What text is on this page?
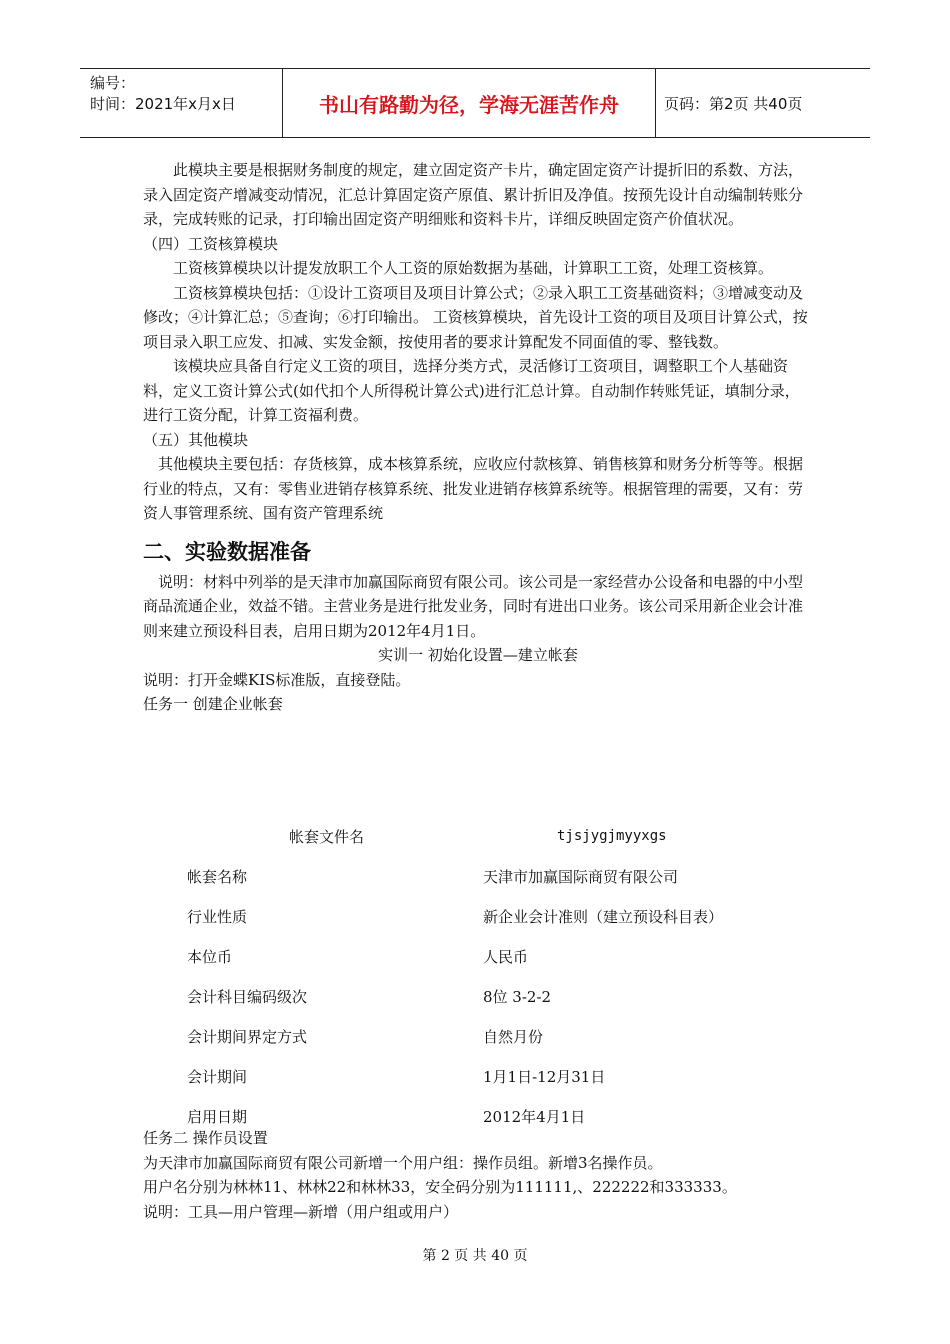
编号：
时间：2021年x月x日	书山有路勤为径，学海无涯苦作舟	页码：第2页 共40页

此模块主要是根据财务制度的规定，建立固定资产卡片，确定固定资产计提折旧的系数、方法，录入固定资产增减变动情况，汇总计算固定资产原值、累计折旧及净值。按预先设计自动编制转账分录，完成转账的记录，打印输出固定资产明细账和资料卡片，详细反映固定资产价值状况。

（四）工资核算模块

工资核算模块以计提发放职工个人工资的原始数据为基础，计算职工工资，处理工资核算。

工资核算模块包括：①设计工资项目及项目计算公式；②录入职工工资基础资料；③增减变动及修改；④计算汇总；⑤查询；⑥打印输出。 工资核算模块，首先设计工资的项目及项目计算公式，按项目录入职工应发、扣减、实发金额，按使用者的要求计算配发不同面值的零、整钱数。

该模块应具备自行定义工资的项目，选择分类方式，灵活修订工资项目，调整职工个人基础资料，定义工资计算公式(如代扣个人所得税计算公式)进行汇总计算。自动制作转账凭证，填制分录，进行工资分配，计算工资福利费。

（五）其他模块

其他模块主要包括：存货核算，成本核算系统，应收应付款核算、销售核算和财务分析等等。根据行业的特点，又有：零售业进销存核算系统、批发业进销存核算系统等。根据管理的需要，又有：劳资人事管理系统、国有资产管理系统

二、实验数据准备

说明：材料中列举的是天津市加赢国际商贸有限公司。该公司是一家经营办公设备和电器的中小型商品流通企业，效益不错。主营业务是进行批发业务，同时有进出口业务。该公司采用新企业会计准则来建立预设科目表，启用日期为2012年4月1日。

实训一 初始化设置—建立帐套

说明：打开金蝶KIS标准版，直接登陆。

任务一 创建企业帐套

帐套文件名	tjsjygjmyyxgs
帐套名称	天津市加赢国际商贸有限公司
行业性质	新企业会计准则（建立预设科目表）
本位币	人民币
会计科目编码级次	8位 3-2-2
会计期间界定方式	自然月份
会计期间	1月1日-12月31日
启用日期	2012年4月1日

任务二 操作员设置

为天津市加赢国际商贸有限公司新增一个用户组：操作员组。新增3名操作员。

用户名分别为林林11、林林22和林林33，安全码分别为111111,、222222和333333。

说明：工具—用户管理—新增（用户组或用户）

第 2 页 共 40 页
